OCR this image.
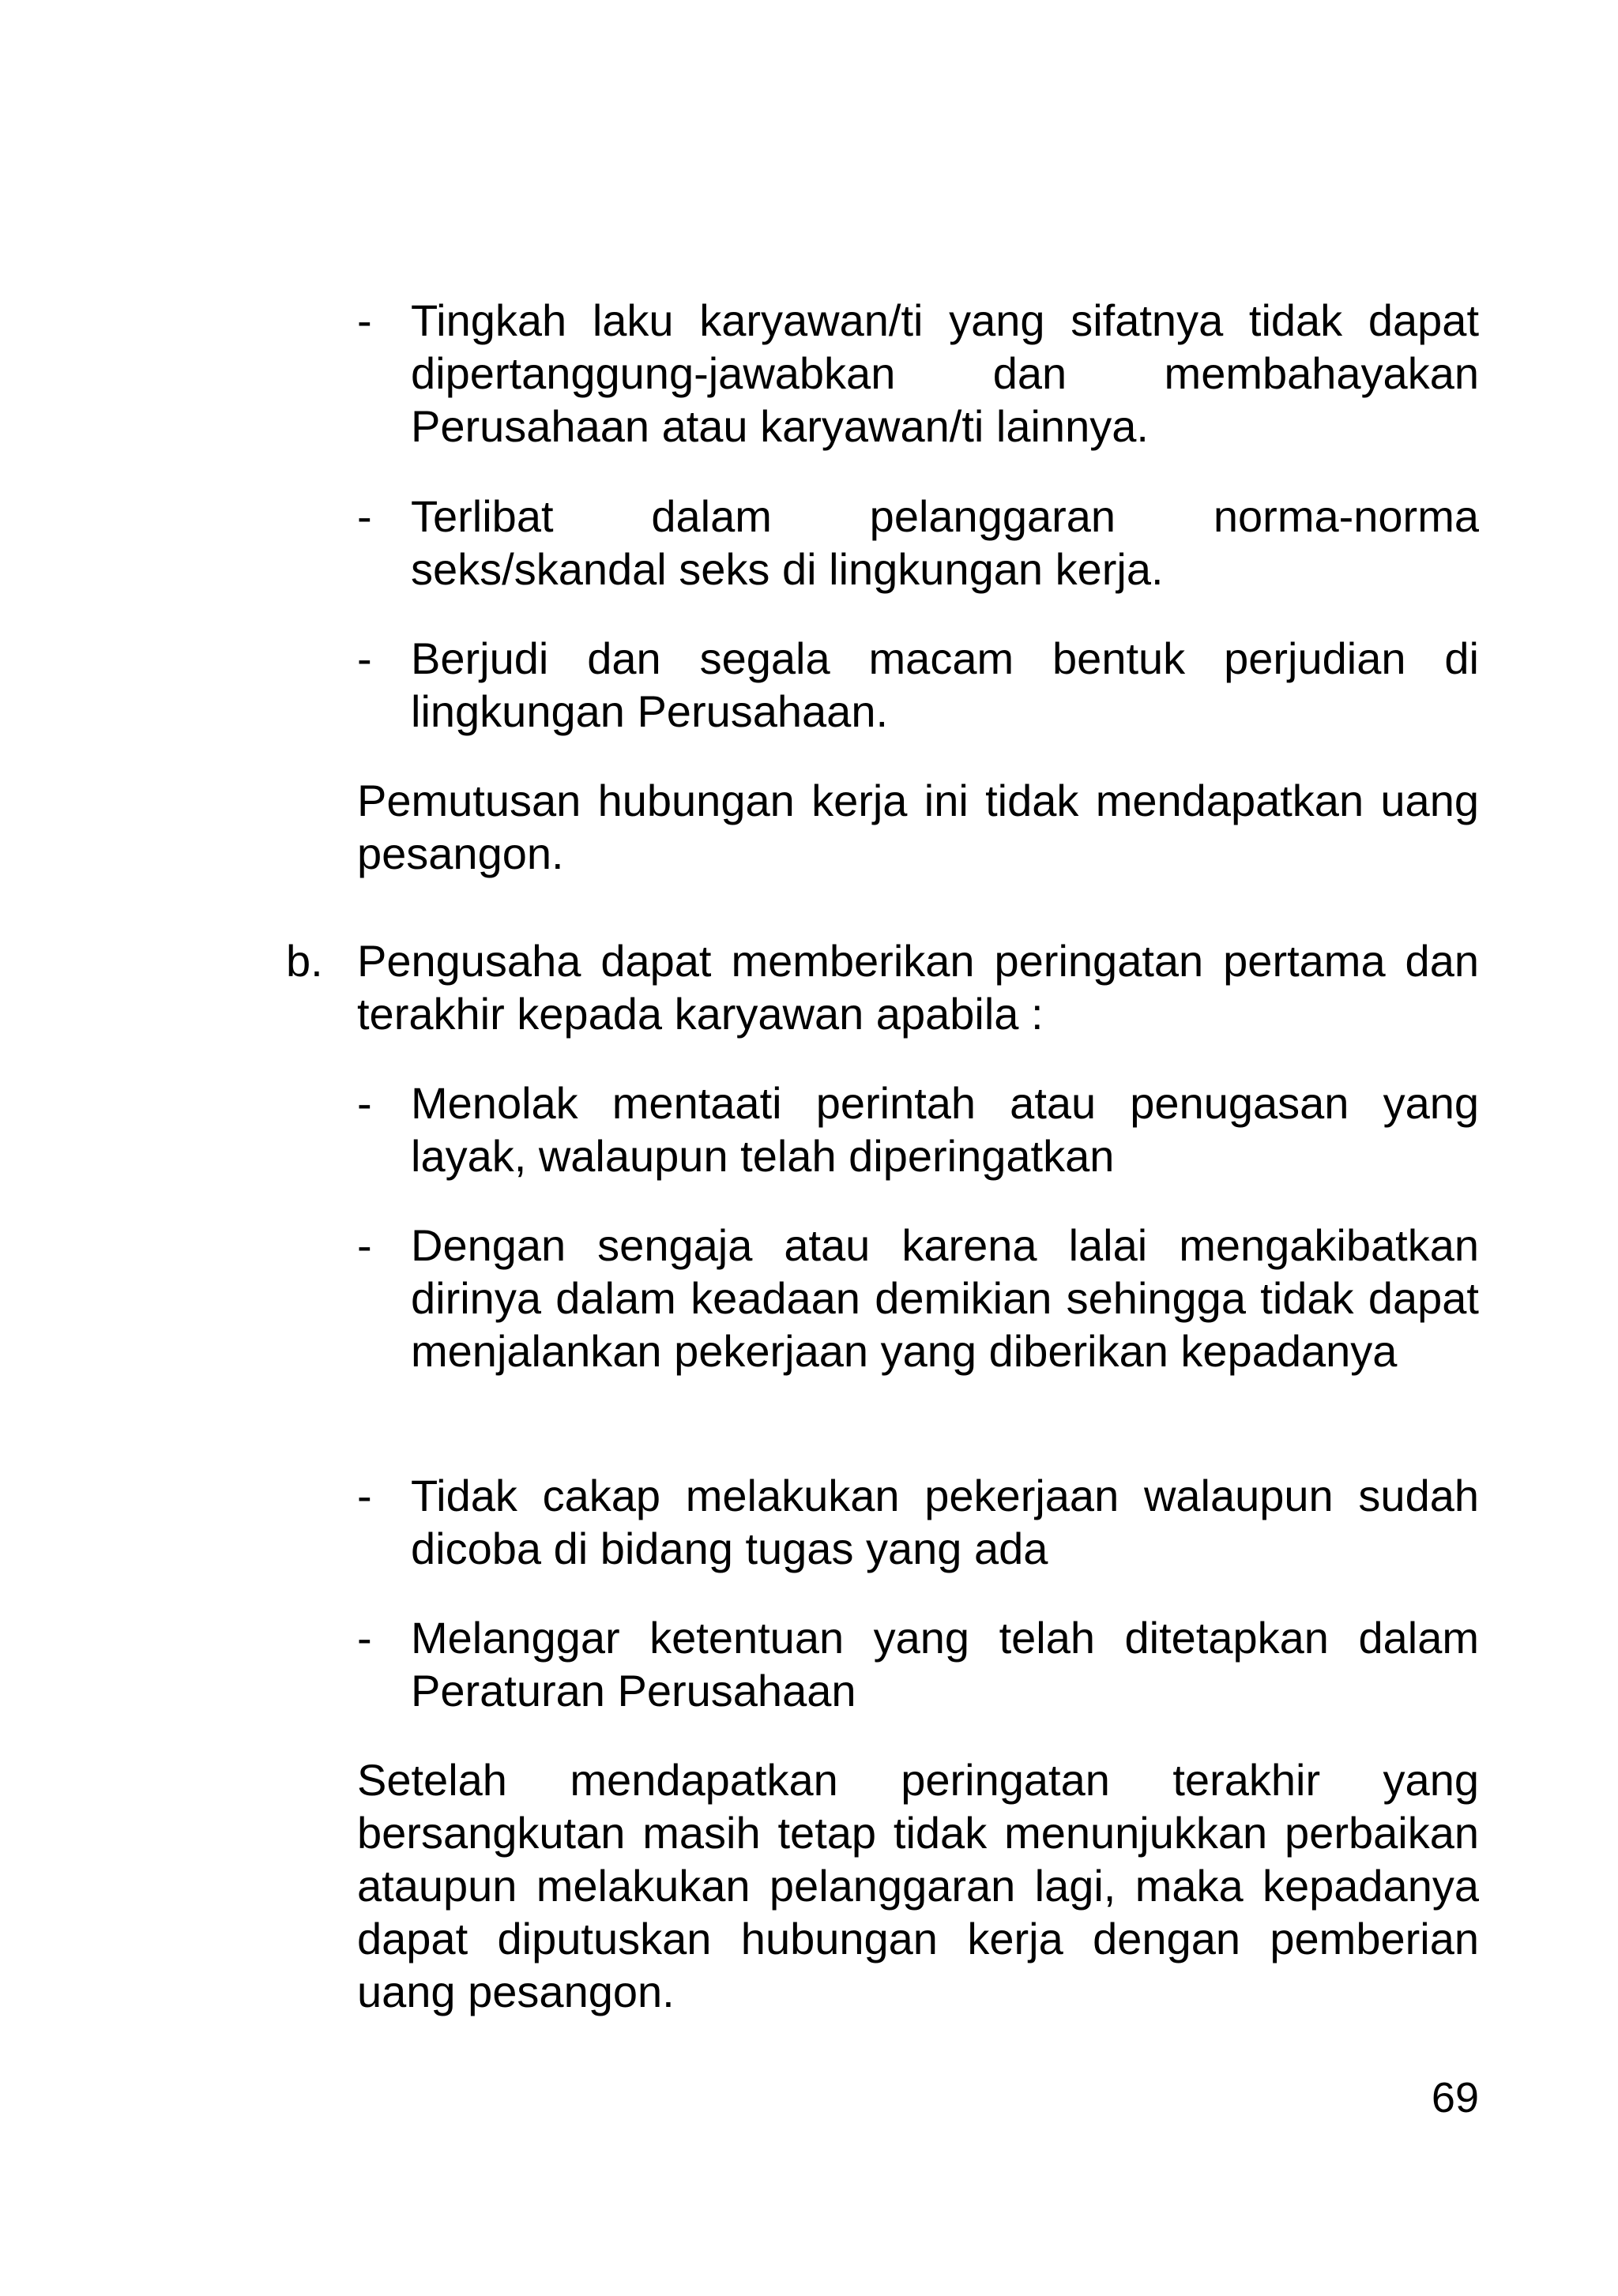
- Tingkah laku karyawan/ti yang sifatnya tidak dapat dipertanggung-jawabkan dan membahayakan Perusahaan atau karyawan/ti lainnya.
- Terlibat dalam pelanggaran norma-norma seks/skandal seks di lingkungan kerja.
- Berjudi dan segala macam bentuk perjudian di lingkungan Perusahaan.
Pemutusan hubungan kerja ini tidak mendapatkan uang pesangon.
b. Pengusaha dapat memberikan peringatan pertama dan terakhir kepada karyawan apabila :
- Menolak mentaati perintah atau penugasan yang layak, walaupun telah diperingatkan
- Dengan sengaja atau karena lalai mengakibatkan dirinya dalam keadaan demikian sehingga tidak dapat menjalankan pekerjaan yang diberikan kepadanya
- Tidak cakap melakukan pekerjaan walaupun sudah dicoba di bidang tugas yang ada
- Melanggar ketentuan yang telah ditetapkan dalam Peraturan Perusahaan
Setelah mendapatkan peringatan terakhir yang bersangkutan masih tetap tidak menunjukkan perbaikan ataupun melakukan pelanggaran lagi, maka kepadanya dapat diputuskan hubungan kerja dengan pemberian uang pesangon.
69
